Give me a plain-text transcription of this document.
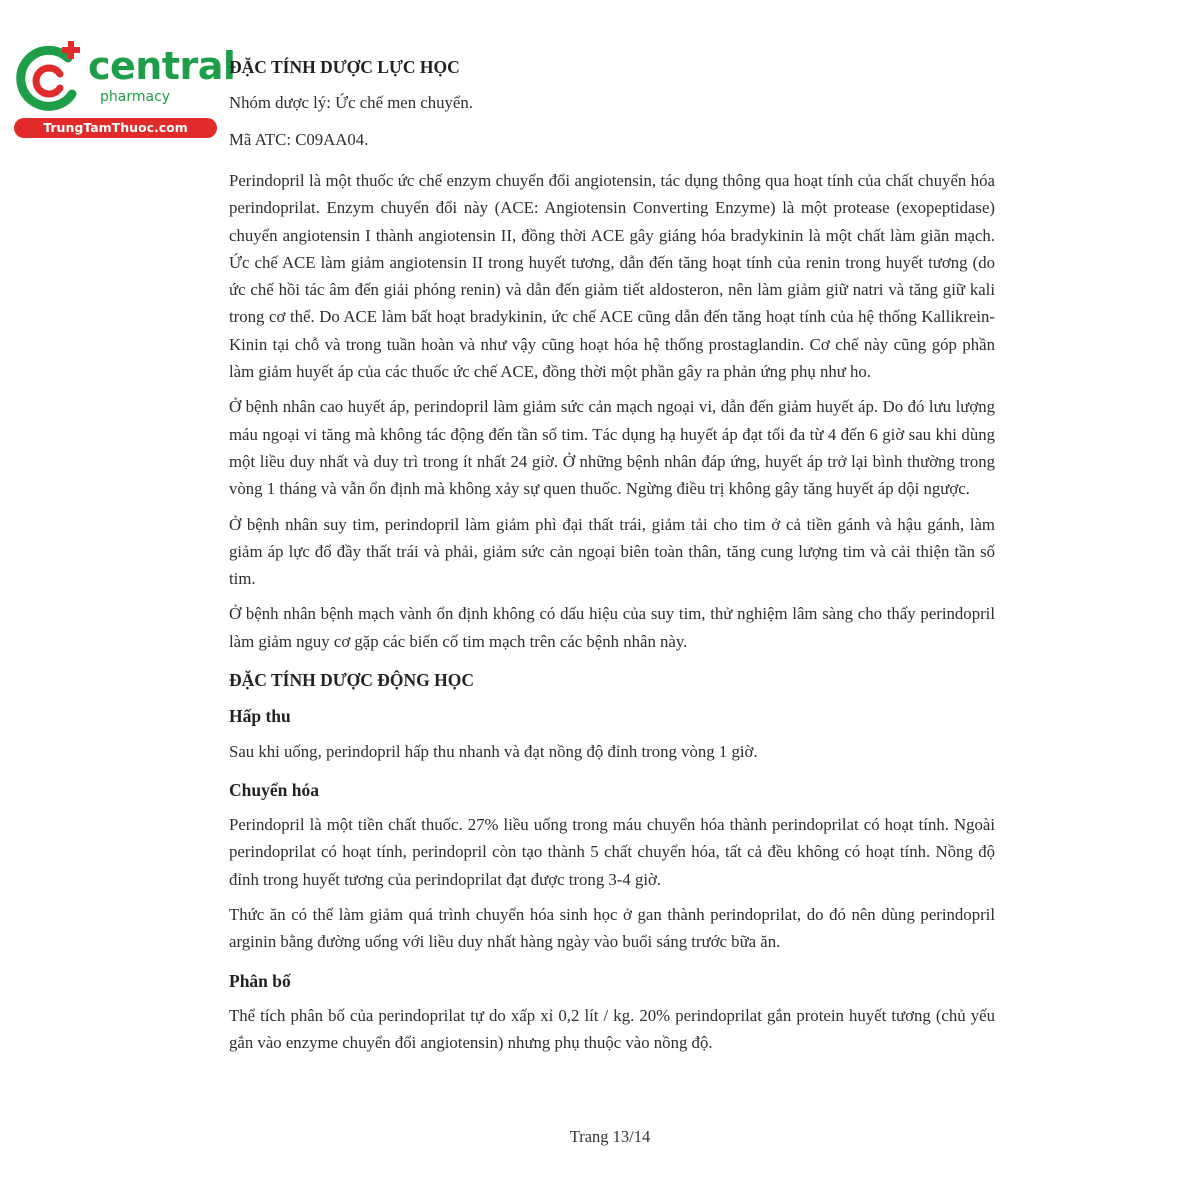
central
pharmacy
TrungTamThuoc.com
ĐẶC TÍNH DƯỢC LỰC HỌC

Nhóm dược lý: Ức chế men chuyển.

Mã ATC: C09AA04.

Perindopril là một thuốc ức chế enzym chuyển đổi angiotensin, tác dụng thông qua hoạt tính của chất chuyển hóa perindoprilat. Enzym chuyển đổi này (ACE: Angiotensin Converting Enzyme) là một protease (exopeptidase) chuyển angiotensin I thành angiotensin II, đồng thời ACE gây giáng hóa bradykinin là một chất làm giãn mạch. Ức chế ACE làm giảm angiotensin II trong huyết tương, dẫn đến tăng hoạt tính của renin trong huyết tương (do ức chế hồi tác âm đến giải phóng renin) và dẫn đến giảm tiết aldosteron, nên làm giảm giữ natri và tăng giữ kali trong cơ thể. Do ACE làm bất hoạt bradykinin, ức chế ACE cũng dẫn đến tăng hoạt tính của hệ thống Kallikrein-Kinin tại chỗ và trong tuần hoàn và như vậy cũng hoạt hóa hệ thống prostaglandin. Cơ chế này cũng góp phần làm giảm huyết áp của các thuốc ức chế ACE, đồng thời một phần gây ra phản ứng phụ như ho.

Ở bệnh nhân cao huyết áp, perindopril làm giảm sức cản mạch ngoại vi, dẫn đến giảm huyết áp. Do đó lưu lượng máu ngoại vi tăng mà không tác động đến tần số tim. Tác dụng hạ huyết áp đạt tối đa từ 4 đến 6 giờ sau khi dùng một liều duy nhất và duy trì trong ít nhất 24 giờ. Ở những bệnh nhân đáp ứng, huyết áp trở lại bình thường trong vòng 1 tháng và vẫn ổn định mà không xảy sự quen thuốc. Ngừng điều trị không gây tăng huyết áp dội ngược.

Ở bệnh nhân suy tim, perindopril làm giảm phì đại thất trái, giảm tải cho tim ở cả tiền gánh và hậu gánh, làm giảm áp lực đổ đầy thất trái và phải, giảm sức cản ngoại biên toàn thân, tăng cung lượng tim và cải thiện tần số tim.

Ở bệnh nhân bệnh mạch vành ổn định không có dấu hiệu của suy tim, thử nghiệm lâm sàng cho thấy perindopril làm giảm nguy cơ gặp các biến cố tim mạch trên các bệnh nhân này.

ĐẶC TÍNH DƯỢC ĐỘNG HỌC
Hấp thu

Sau khi uống, perindopril hấp thu nhanh và đạt nồng độ đỉnh trong vòng 1 giờ.

Chuyển hóa

Perindopril là một tiền chất thuốc. 27% liều uống trong máu chuyển hóa thành perindoprilat có hoạt tính. Ngoài perindoprilat có hoạt tính, perindopril còn tạo thành 5 chất chuyển hóa, tất cả đều không có hoạt tính. Nồng độ đỉnh trong huyết tương của perindoprilat đạt được trong 3-4 giờ.

Thức ăn có thể làm giảm quá trình chuyển hóa sinh học ở gan thành perindoprilat, do đó nên dùng perindopril arginin bằng đường uống với liều duy nhất hàng ngày vào buổi sáng trước bữa ăn.

Phân bố

Thể tích phân bố của perindoprilat tự do xấp xỉ 0,2 lít / kg. 20% perindoprilat gắn protein huyết tương (chủ yếu gắn vào enzyme chuyển đổi angiotensin) nhưng phụ thuộc vào nồng độ.

Trang 13/14
